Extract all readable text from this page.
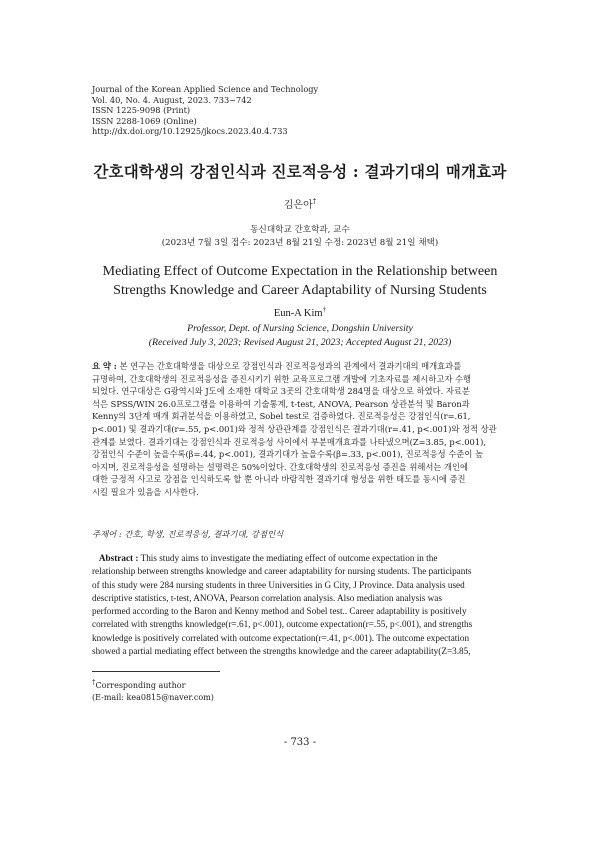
Journal of the Korean Applied Science and Technology
Vol. 40, No. 4. August, 2023. 733~742
ISSN 1225-9098 (Print)
ISSN 2288-1069 (Online)
http://dx.doi.org/10.12925/jkocs.2023.40.4.733
간호대학생의 강점인식과 진로적응성 : 결과기대의 매개효과
김은아†
동신대학교 간호학과, 교수
(2023년 7월 3일 접수: 2023년 8월 21일 수정: 2023년 8월 21일 채택)
Mediating Effect of Outcome Expectation in the Relationship between
Strengths Knowledge and Career Adaptability of Nursing Students
Eun-A Kim†
Professor, Dept. of Nursing Science, Dongshin University
(Received July 3, 2023; Revised August 21, 2023; Accepted August 21, 2023)
요 약 : 본 연구는 간호대학생을 대상으로 강점인식과 진로적응성과의 관계에서 결과기대의 매개효과를
규명하여, 간호대학생의 진로적응성을 증진시키기 위한 교육프로그램 개발에 기초자료를 제시하고자 수행
되었다. 연구대상은 G광역시와 J도에 소재한 대학교 3곳의 간호대학생 284명을 대상으로 하였다. 자료분
석은 SPSS/WIN 26.0프로그램을 이용하여 기술통계, t-test, ANOVA, Pearson 상관분석 및 Baron과
Kenny의 3단계 매개 회귀분석을 이용하였고, Sobel test로 검증하였다. 진로적응성은 강점인식(r=.61,
p<.001) 및 결과기대(r=.55, p<.001)와 정적 상관관계를 강점인식은 결과기대(r=.41, p<.001)와 정적 상관
관계를 보였다. 결과기대는 강점인식과 진로적응성 사이에서 부분매개효과를 나타냈으며(Z=3.85, p<.001),
강점인식 수준이 높을수록(β=.44, p<.001), 결과기대가 높을수록(β=.33, p<.001), 진로적응성 수준이 높
아지며, 진로적응성을 설명하는 설명력은 50%이었다. 간호대학생의 진로적응성 증진을 위해서는 개인에
대한 긍정적 사고로 강점을 인식하도록 할 뿐 아니라 바람직한 결과기대 형성을 위한 태도를 동시에 증진
시킬 필요가 있음을 시사한다.
주제어 : 간호, 학생, 진로적응성, 결과기대, 강점인식
Abstract : This study aims to investigate the mediating effect of outcome expectation in the
relationship between strengths knowledge and career adaptability for nursing students. The participants
of this study were 284 nursing students in three Universities in G City, J Province. Data analysis used
descriptive statistics, t-test, ANOVA, Pearson correlation analysis. Also mediation analysis was
performed according to the Baron and Kenny method and Sobel test.. Career adaptability is positively
correlated with strengths knowledge(r=.61, p<.001), outcome expectation(r=.55, p<.001), and strengths
knowledge is positively correlated with outcome expectation(r=.41, p<.001). The outcome expectation
showed a partial mediating effect between the strengths knowledge and the career adaptability(Z=3.85,
†Corresponding author
(E-mail: kea0815@naver.com)
- 733 -
